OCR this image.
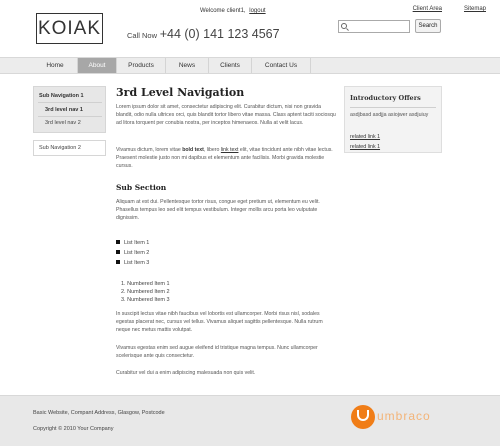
KOIAK
Welcome client1, logout
Call Now +44 (0) 141 123 4567
Client Area	Sitemap
Search
Home	About	Products	News	Clients	Contact Us
Sub Navigation 1
3rd level nav 1
3rd level nav 2
Sub Navigation 2
3rd Level Navigation

Lorem ipsum dolor sit amet, consectetur adipiscing elit. Curabitur dictum, nisi non gravida blandit, odio nulla ultrices orci, quis blandit tortor libero vitae massa. Class aptent taciti sociosqu ad litora torquent per conubia nostra, per inceptos himenaeos. Nulla at velit lacus.

Vivamus dictum, lorem vitae bold text, libero link text elit, vitae tincidunt ante nibh vitae lectus. Praesent molestie justo non mi dapibus et elementum ante facilisis. Morbi gravida molestie cursus.

Sub Section

Aliquam at est dui. Pellentesque tortor risus, congue eget pretium ut, elementum eu velit. Phasellus tempus leo sed elit tempus vestibulum. Integer mollis arcu porta leo vulputate dignissim.

List Item 1
List Item 2
List Item 3
1. Numbered Item 1
2. Numbered Item 2
3. Numbered Item 3

In suscipit lectus vitae nibh faucibus vel lobortis est ullamcorper. Morbi risus nisl, sodales egestas placerat nec, cursus vel tellus. Vivamus aliquet sagittis pellentesque. Nulla rutrum neque nec metus mattis volutpat.

Vivamus egestas enim sed augue eleifend id tristique magna tempus. Nunc ullamcorper scelerisque ante quis consectetur.

Curabitur vel dui a enim adipiscing malesuada non quis velit.

Introductory Offers
asdjbasd asdjja asiojwer asdjuiuy
related link 1
related link 1
Basic Website, Compant Address, Glasgow, Postcode
Copyright © 2010 Your Company
umbraco
